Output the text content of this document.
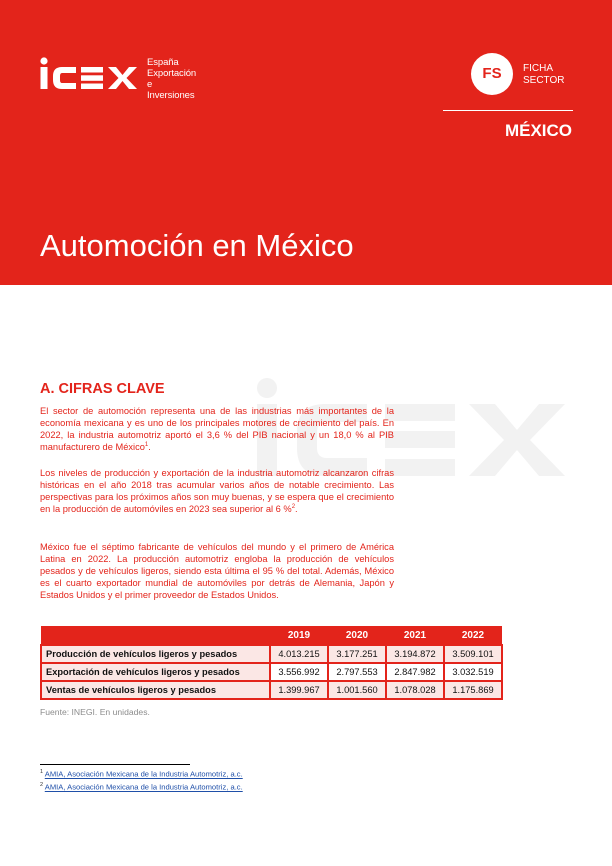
España
Exportación
e Inversiones
FS	FICHA
SECTOR
MÉXICO
Automoción en México
A. CIFRAS CLAVE

El sector de automoción representa una de las industrias más importantes de la economía mexicana y es uno de los principales motores de crecimiento del país. En 2022, la industria automotriz aportó el 3,6 % del PIB nacional y un 18,0 % al PIB manufacturero de México$^1$.

Los niveles de producción y exportación de la industria automotriz alcanzaron cifras históricas en el año 2018 tras acumular varios años de notable crecimiento. Las perspectivas para los próximos años son muy buenas, y se espera que el crecimiento en la producción de automóviles en 2023 sea superior al 6 %$^2$.

México fue el séptimo fabricante de vehículos del mundo y el primero de América Latina en 2022. La producción automotriz engloba la producción de vehículos pesados y de vehículos ligeros, siendo esta última el 95 % del total. Además, México es el cuarto exportador mundial de automóviles por detrás de Alemania, Japón y Estados Unidos y el primer proveedor de Estados Unidos.

	2019	2020	2021	2022
Producción de vehículos ligeros y pesados	4.013.215	3.177.251	3.194.872	3.509.101
Exportación de vehículos ligeros y pesados	3.556.992	2.797.553	2.847.982	3.032.519
Ventas de vehículos ligeros y pesados	1.399.967	1.001.560	1.078.028	1.175.869
Fuente: INEGI. En unidades.
$^1$ AMIA, Asociación Mexicana de la Industria Automotriz, a.c.
$^2$ AMIA, Asociación Mexicana de la Industria Automotriz, a.c.
